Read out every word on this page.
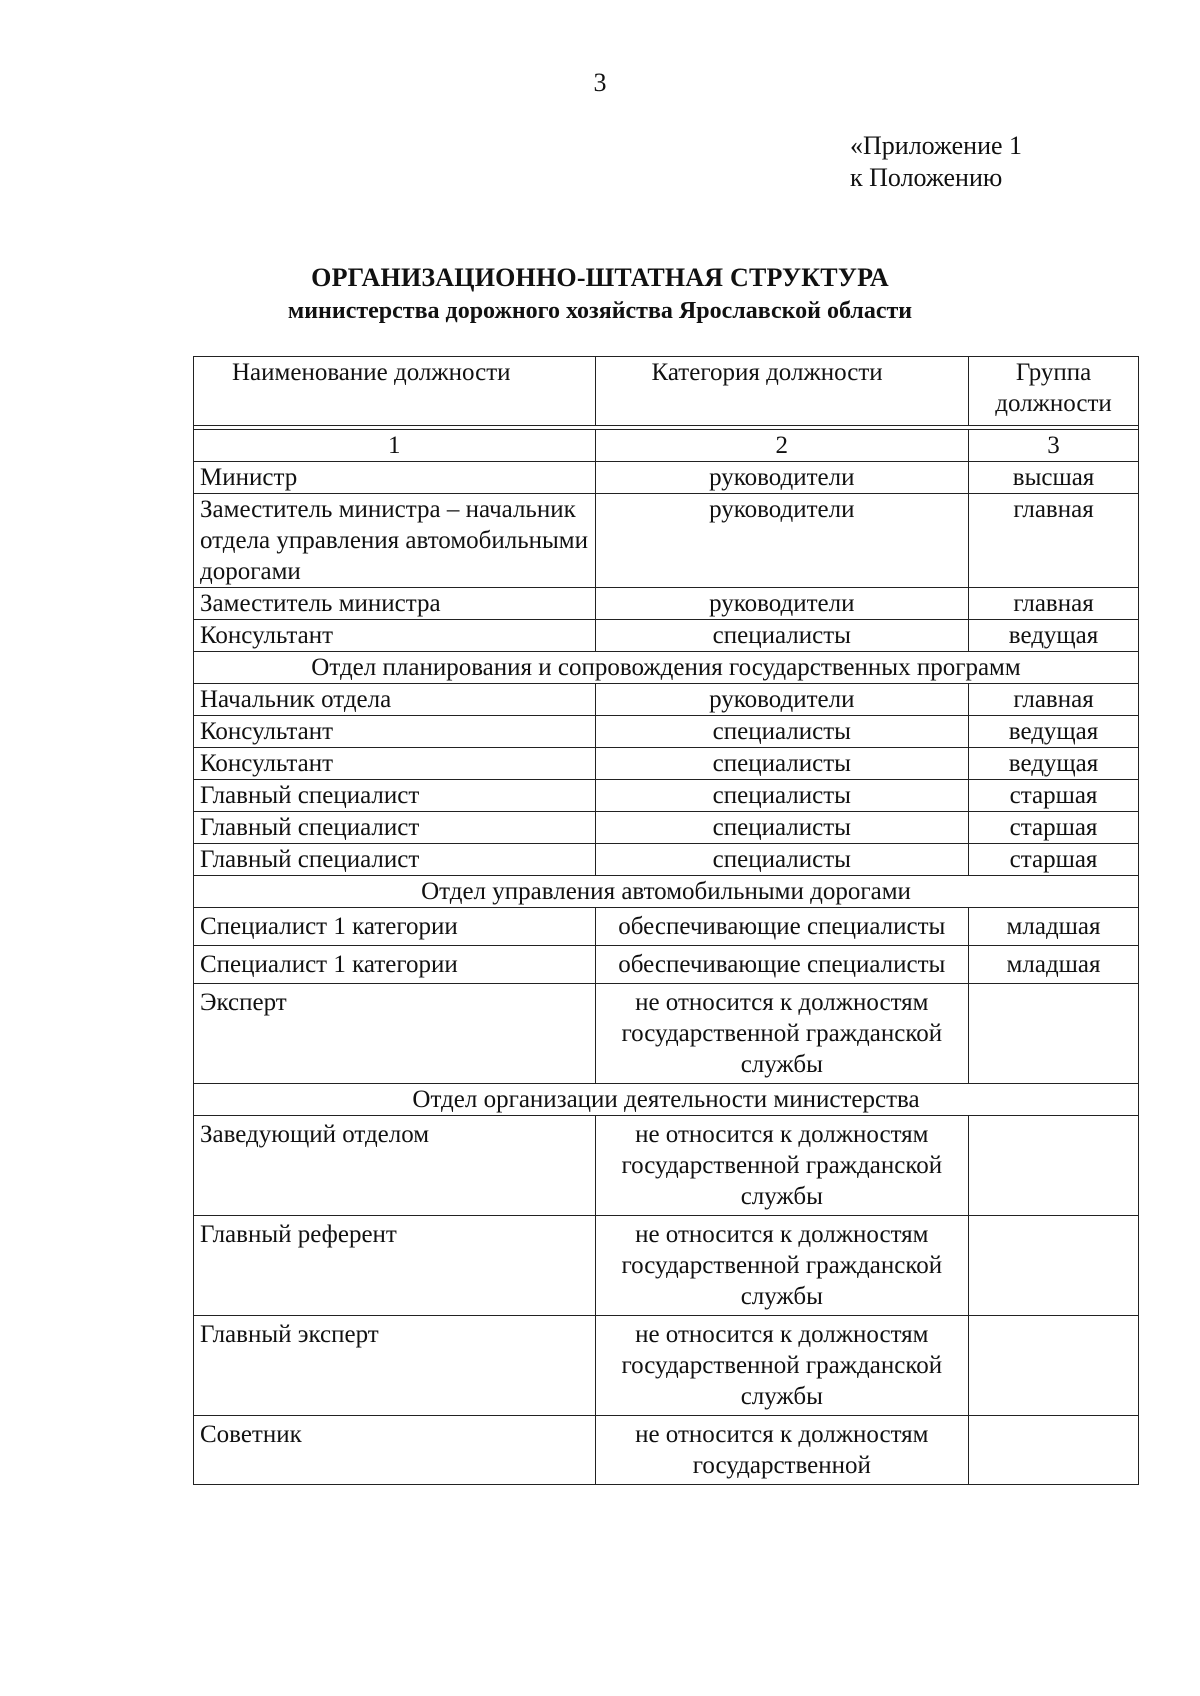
3
«Приложение 1
к Положению
ОРГАНИЗАЦИОННО-ШТАТНАЯ СТРУКТУРА
министерства дорожного хозяйства Ярославской области
Наименование должности	Категория должности	Группа должности

1	2	3
Министр	руководители	высшая
Заместитель министра – начальник отдела управления автомобильными дорогами	руководители	главная
Заместитель министра	руководители	главная
Консультант	специалисты	ведущая
Отдел планирования и сопровождения государственных программ		
Начальник отдела	руководители	главная
Консультант	специалисты	ведущая
Консультант	специалисты	ведущая
Главный специалист	специалисты	старшая
Главный специалист	специалисты	старшая
Главный специалист	специалисты	старшая
Отдел управления автомобильными дорогами		
Специалист 1 категории	обеспечивающие специалисты	младшая
Специалист 1 категории	обеспечивающие специалисты	младшая
Эксперт	не относится к должностям государственной гражданской службы	
Отдел организации деятельности министерства		
Заведующий отделом	не относится к должностям государственной гражданской службы	
Главный референт	не относится к должностям государственной гражданской службы	
Главный эксперт	не относится к должностям государственной гражданской службы	
Советник	не относится к должностям государственной	
